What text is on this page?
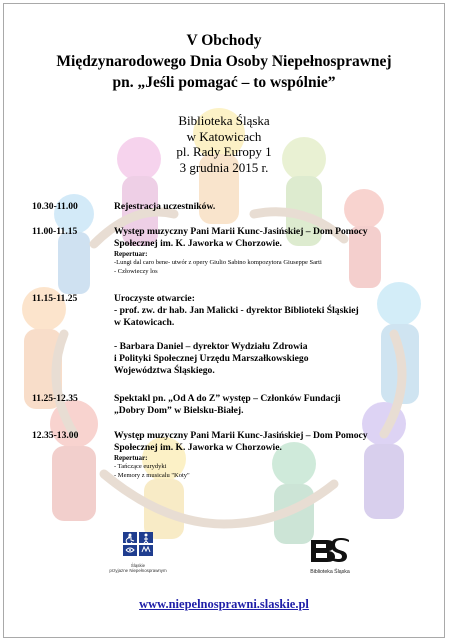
V Obchody
Międzynarodowego Dnia Osoby Niepełnosprawnej
pn. „Jeśli pomagać – to wspólnie”
Biblioteka Śląska
w Katowicach
pl. Rady Europy 1
3 grudnia 2015 r.
10.30-11.00	Rejestracja uczestników.

11.00-11.15	Występ muzyczny Pani Marii Kunc-Jasińskiej – Dom Pomocy

Społecznej im. K. Jaworka w Chorzowie.

Repertuar:
-Lungi dal caro bene- utwór z opery Giulio Sabino kompozytora Giuseppe Sarti
- Człowieczy los
11.15-11.25	Uroczyste otwarcie:

- prof. zw. dr hab. Jan Malicki - dyrektor Biblioteki Śląskiej

w Katowicach.

- Barbara Daniel – dyrektor Wydziału Zdrowia

i Polityki Społecznej Urzędu Marszałkowskiego

Województwa Śląskiego.

11.25-12.35	Spektakl pn. „Od A do Z” występ – Członków Fundacji

„Dobry Dom” w Bielsku-Białej.

12.35-13.00	Występ muzyczny Pani Marii Kunc-Jasińskiej – Dom Pomocy

Społecznej im. K. Jaworka w Chorzowie.

Repertuar:
- Tańczące eurydyki
- Memory z musicalu "Koty"
Śląskie
przyjazne Niepełnosprawnym	Biblioteka Śląska
www.niepelnosprawni.slaskie.pl
